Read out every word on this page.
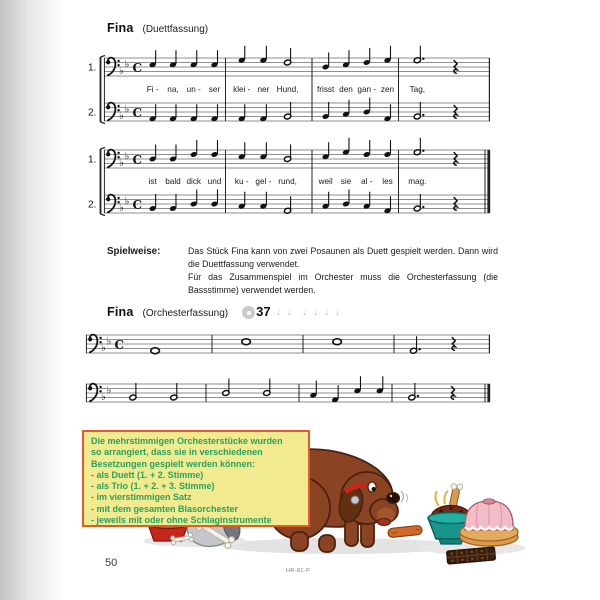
Fina (Duettfassung)
1. ♭
♭ C
2. ♭
♭ C
Fi - na, un - ser klei - ner Hund, frisst den gan - zen Tag,
1. ♭
♭ C
2. ♭
♭ C
ist bald dick und ku - gel - rund,	weil sie al - les mag.
Spielweise:	Das Stück Fina kann von zwei Posaunen als Duett gespielt werden. Dann wird die Duettfassung verwendet.

Für das Zusammenspiel im Orchester muss die Orchesterfassung (die Bassstimme) verwendet werden.

Fina (Orchesterfassung) 37 ♩♩ ♩♩♩♩
♭
♭ C
♭
♭
Die mehrstimmigen Orchesterstücke wurden
so arrangiert, dass sie in verschiedenen
Besetzungen gespielt werden können:
- als Duett (1. + 2. Stimme)
- als Trio (1. + 2. + 3. Stimme)
- im vierstimmigen Satz
- mit dem gesamten Blasorchester
- jeweils mit oder ohne Schlaginstrumente
50
HR-81-P
